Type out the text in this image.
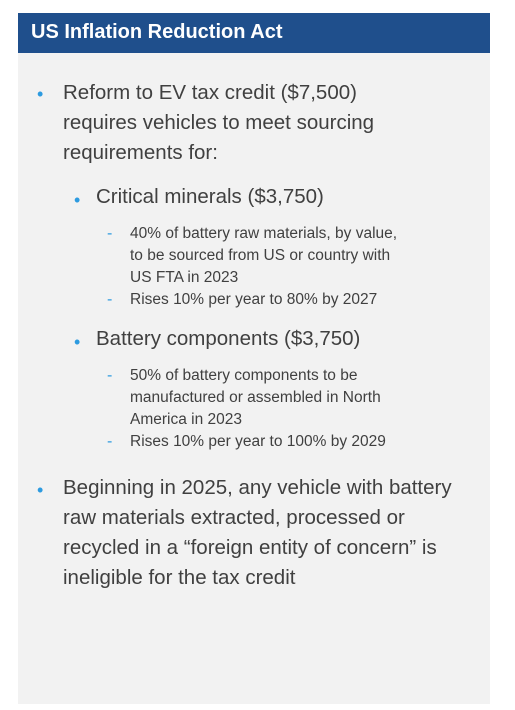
US Inflation Reduction Act
• Reform to EV tax credit ($7,500) requires vehicles to meet sourcing requirements for:
• Critical minerals ($3,750)
- 40% of battery raw materials, by value, to be sourced from US or country with US FTA in 2023
- Rises 10% per year to 80% by 2027
• Battery components ($3,750)
- 50% of battery components to be manufactured or assembled in North America in 2023
- Rises 10% per year to 100% by 2029
• Beginning in 2025, any vehicle with battery raw materials extracted, processed or recycled in a “foreign entity of concern” is ineligible for the tax credit
